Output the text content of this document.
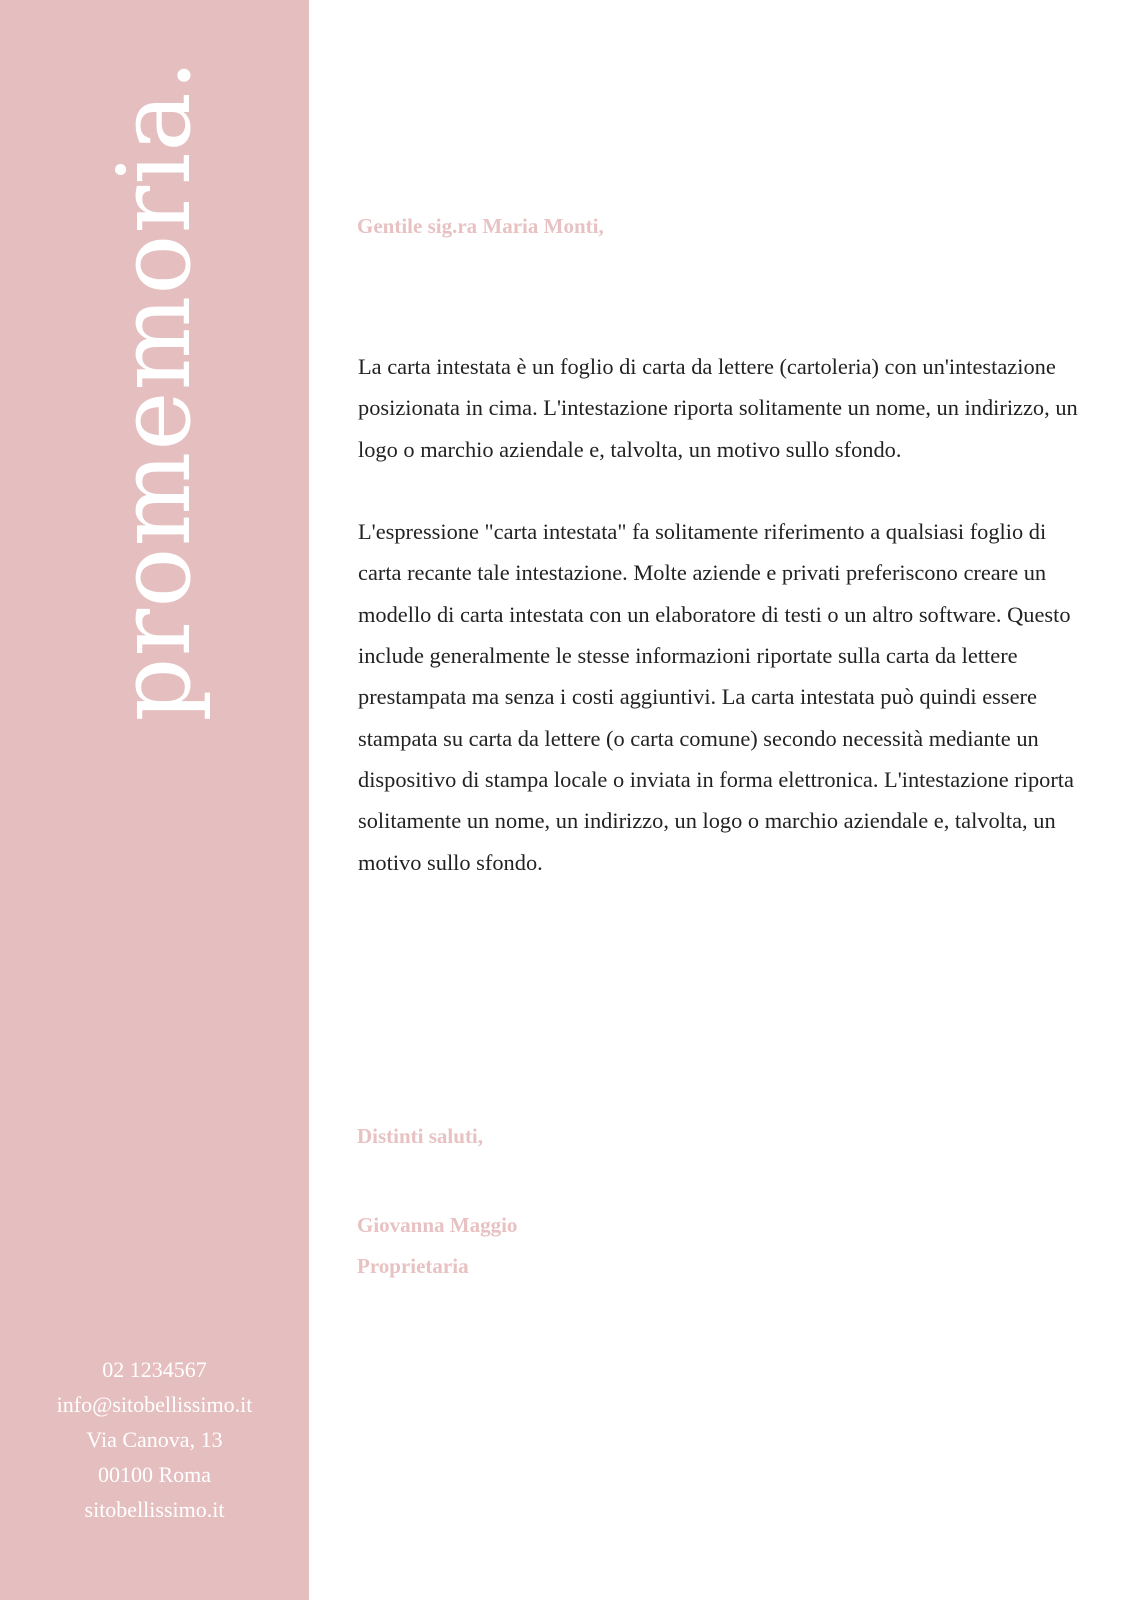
promemoria.
02 1234567
info@sitobellissimo.it
Via Canova, 13
00100 Roma
sitobellissimo.it
Gentile sig.ra Maria Monti,

La carta intestata è un foglio di carta da lettere (cartoleria) con un'intestazione posizionata in cima. L'intestazione riporta solitamente un nome, un indirizzo, un logo o marchio aziendale e, talvolta, un motivo sullo sfondo.

L'espressione "carta intestata" fa solitamente riferimento a qualsiasi foglio di carta recante tale intestazione. Molte aziende e privati preferiscono creare un modello di carta intestata con un elaboratore di testi o un altro software. Questo include generalmente le stesse informazioni riportate sulla carta da lettere prestampata ma senza i costi aggiuntivi. La carta intestata può quindi essere stampata su carta da lettere (o carta comune) secondo necessità mediante un dispositivo di stampa locale o inviata in forma elettronica. L'intestazione riporta solitamente un nome, un indirizzo, un logo o marchio aziendale e, talvolta, un motivo sullo sfondo.

Distinti saluti,
Giovanna Maggio
Proprietaria
